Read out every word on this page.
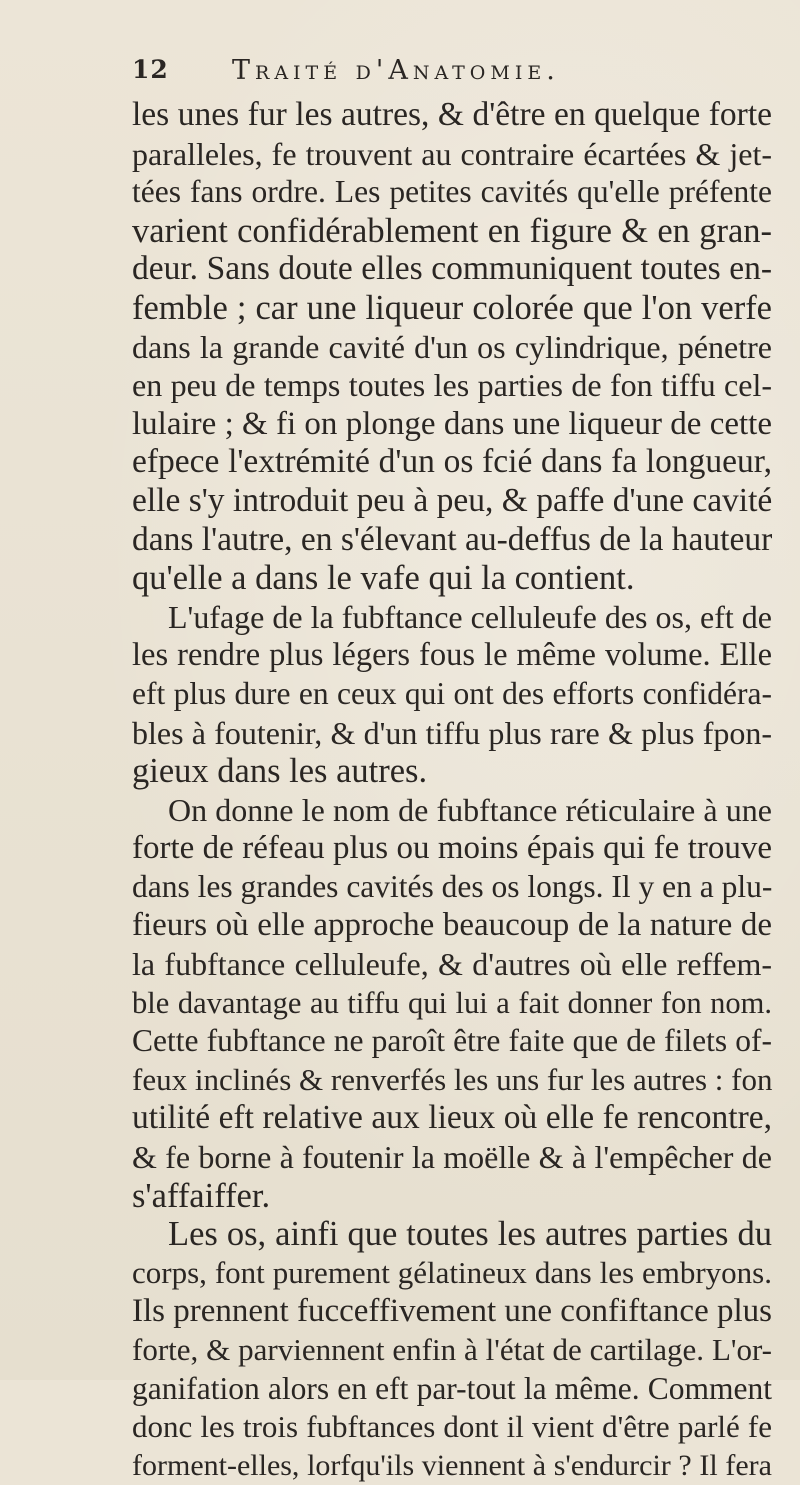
12 Traité d'Anatomie.
les unes fur les autres, & d'être en quelque forte
paralleles, fe trouvent au contraire écartées & jet-
tées fans ordre. Les petites cavités qu'elle préfente
varient confidérablement en figure & en gran-
deur. Sans doute elles communiquent toutes en-
femble ; car une liqueur colorée que l'on verfe
dans la grande cavité d'un os cylindrique, pénetre
en peu de temps toutes les parties de fon tiffu cel-
lulaire ; & fi on plonge dans une liqueur de cette
efpece l'extrémité d'un os fcié dans fa longueur,
elle s'y introduit peu à peu, & paffe d'une cavité
dans l'autre, en s'élevant au-deffus de la hauteur
qu'elle a dans le vafe qui la contient.
L'ufage de la fubftance celluleufe des os, eft de
les rendre plus légers fous le même volume. Elle
eft plus dure en ceux qui ont des efforts confidéra-
bles à foutenir, & d'un tiffu plus rare & plus fpon-
gieux dans les autres.
On donne le nom de fubftance réticulaire à une
forte de réfeau plus ou moins épais qui fe trouve
dans les grandes cavités des os longs. Il y en a plu-
fieurs où elle approche beaucoup de la nature de
la fubftance celluleufe, & d'autres où elle reffem-
ble davantage au tiffu qui lui a fait donner fon nom.
Cette fubftance ne paroît être faite que de filets of-
feux inclinés & renverfés les uns fur les autres : fon
utilité eft relative aux lieux où elle fe rencontre,
& fe borne à foutenir la moëlle & à l'empêcher de
s'affaiffer.
Les os, ainfi que toutes les autres parties du
corps, font purement gélatineux dans les embryons.
Ils prennent fucceffivement une confiftance plus
forte, & parviennent enfin à l'état de cartilage. L'or-
ganifation alors en eft par-tout la même. Comment
donc les trois fubftances dont il vient d'être parlé fe
forment-elles, lorfqu'ils viennent à s'endurcir ? Il fera
